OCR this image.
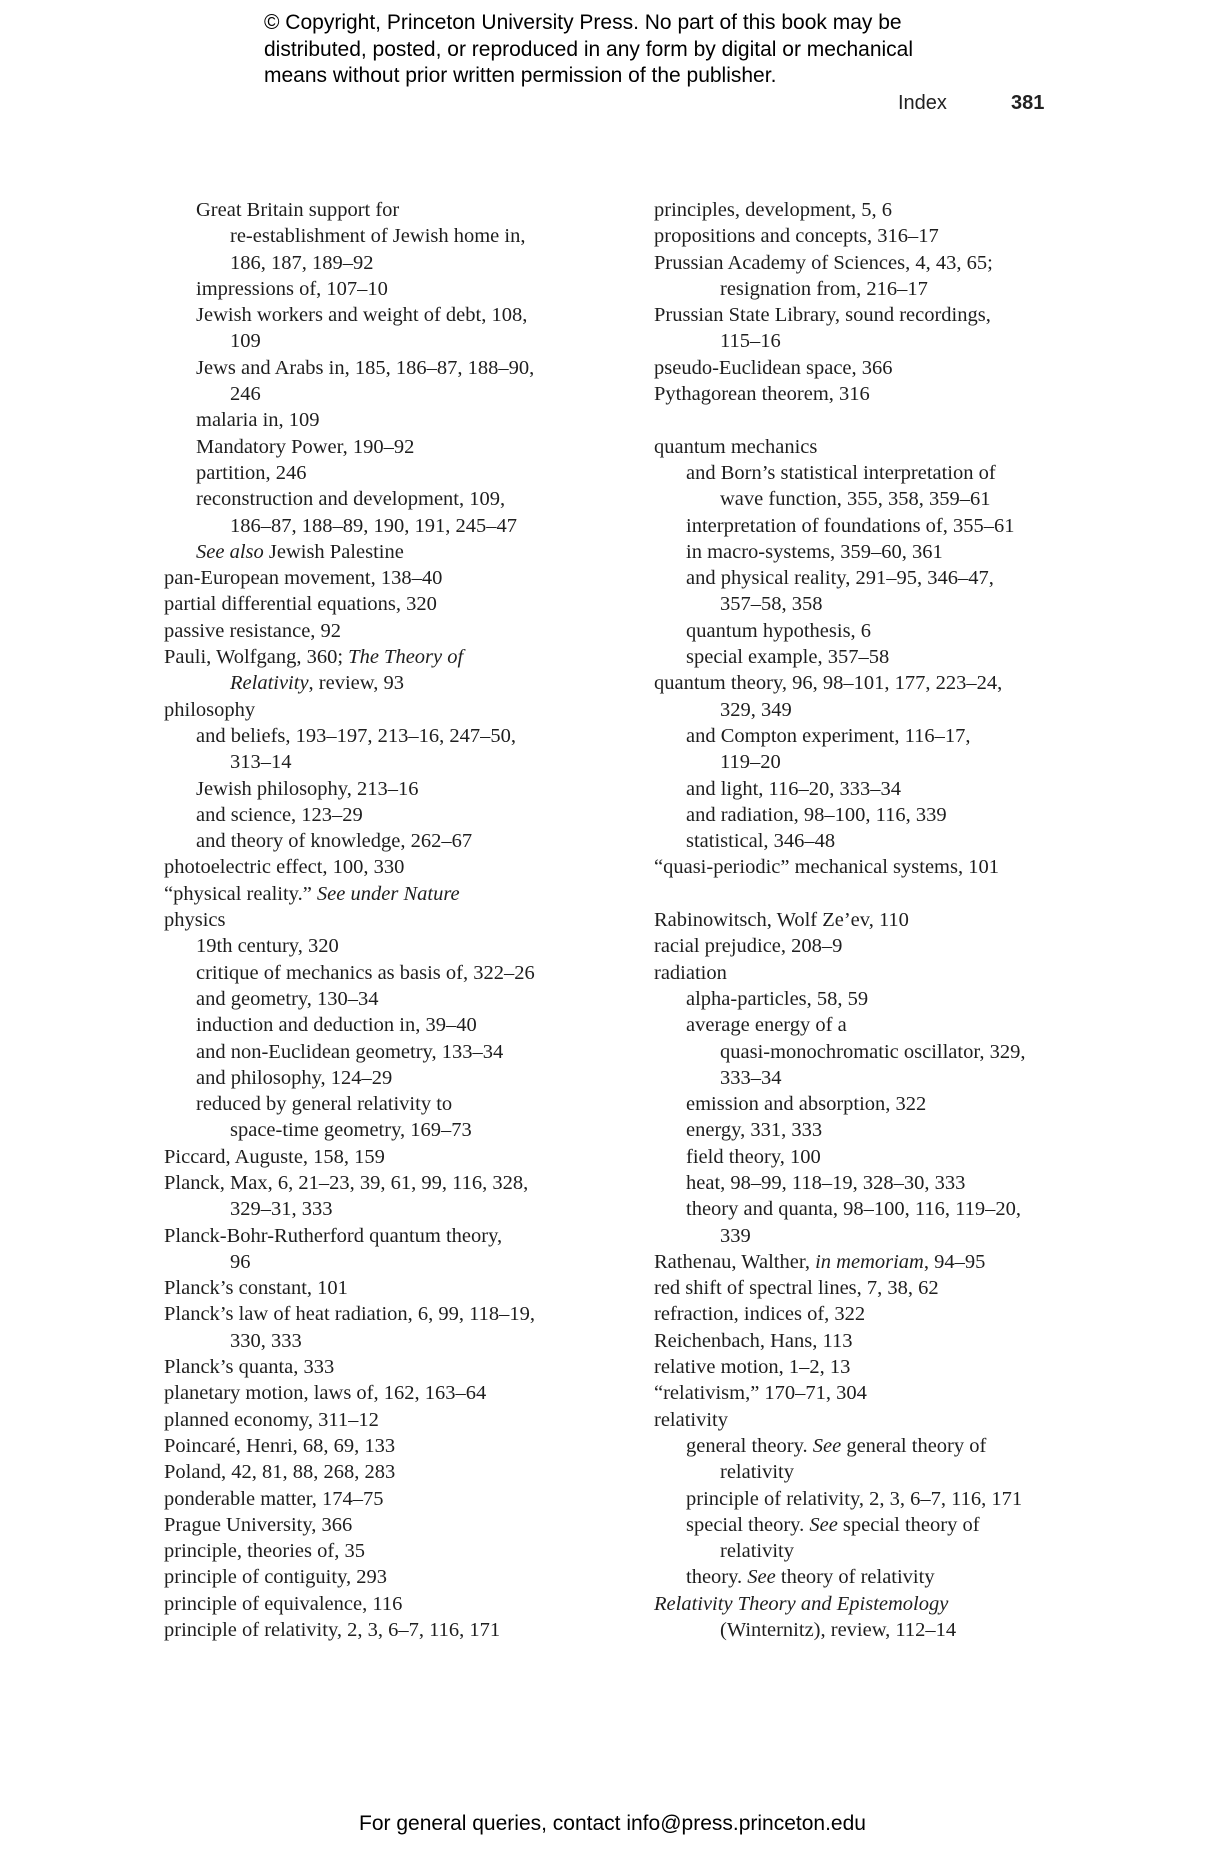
© Copyright, Princeton University Press. No part of this book may be
distributed, posted, or reproduced in any form by digital or mechanical
means without prior written permission of the publisher.
Index	381
Great Britain support for
re-establishment of Jewish home in,
186, 187, 189–92
impressions of, 107–10
Jewish workers and weight of debt, 108,
109
Jews and Arabs in, 185, 186–87, 188–90,
246
malaria in, 109
Mandatory Power, 190–92
partition, 246
reconstruction and development, 109,
186–87, 188–89, 190, 191, 245–47
See also Jewish Palestine
pan-European movement, 138–40
partial differential equations, 320
passive resistance, 92
Pauli, Wolfgang, 360; The Theory of
Relativity, review, 93
philosophy
and beliefs, 193–197, 213–16, 247–50,
313–14
Jewish philosophy, 213–16
and science, 123–29
and theory of knowledge, 262–67
photoelectric effect, 100, 330
“physical reality.” See under Nature
physics
19th century, 320
critique of mechanics as basis of, 322–26
and geometry, 130–34
induction and deduction in, 39–40
and non-Euclidean geometry, 133–34
and philosophy, 124–29
reduced by general relativity to
space-time geometry, 169–73
Piccard, Auguste, 158, 159
Planck, Max, 6, 21–23, 39, 61, 99, 116, 328,
329–31, 333
Planck-Bohr-Rutherford quantum theory,
96
Planck’s constant, 101
Planck’s law of heat radiation, 6, 99, 118–19,
330, 333
Planck’s quanta, 333
planetary motion, laws of, 162, 163–64
planned economy, 311–12
Poincaré, Henri, 68, 69, 133
Poland, 42, 81, 88, 268, 283
ponderable matter, 174–75
Prague University, 366
principle, theories of, 35
principle of contiguity, 293
principle of equivalence, 116
principle of relativity, 2, 3, 6–7, 116, 171
principles, development, 5, 6
propositions and concepts, 316–17
Prussian Academy of Sciences, 4, 43, 65;
resignation from, 216–17
Prussian State Library, sound recordings,
115–16
pseudo-Euclidean space, 366
Pythagorean theorem, 316
quantum mechanics
and Born’s statistical interpretation of
wave function, 355, 358, 359–61
interpretation of foundations of, 355–61
in macro-systems, 359–60, 361
and physical reality, 291–95, 346–47,
357–58, 358
quantum hypothesis, 6
special example, 357–58
quantum theory, 96, 98–101, 177, 223–24,
329, 349
and Compton experiment, 116–17,
119–20
and light, 116–20, 333–34
and radiation, 98–100, 116, 339
statistical, 346–48
“quasi-periodic” mechanical systems, 101
Rabinowitsch, Wolf Ze’ev, 110
racial prejudice, 208–9
radiation
alpha-particles, 58, 59
average energy of a
quasi-monochromatic oscillator, 329,
333–34
emission and absorption, 322
energy, 331, 333
field theory, 100
heat, 98–99, 118–19, 328–30, 333
theory and quanta, 98–100, 116, 119–20,
339
Rathenau, Walther, in memoriam, 94–95
red shift of spectral lines, 7, 38, 62
refraction, indices of, 322
Reichenbach, Hans, 113
relative motion, 1–2, 13
“relativism,” 170–71, 304
relativity
general theory. See general theory of
relativity
principle of relativity, 2, 3, 6–7, 116, 171
special theory. See special theory of
relativity
theory. See theory of relativity
Relativity Theory and Epistemology
(Winternitz), review, 112–14
For general queries, contact info@press.princeton.edu
